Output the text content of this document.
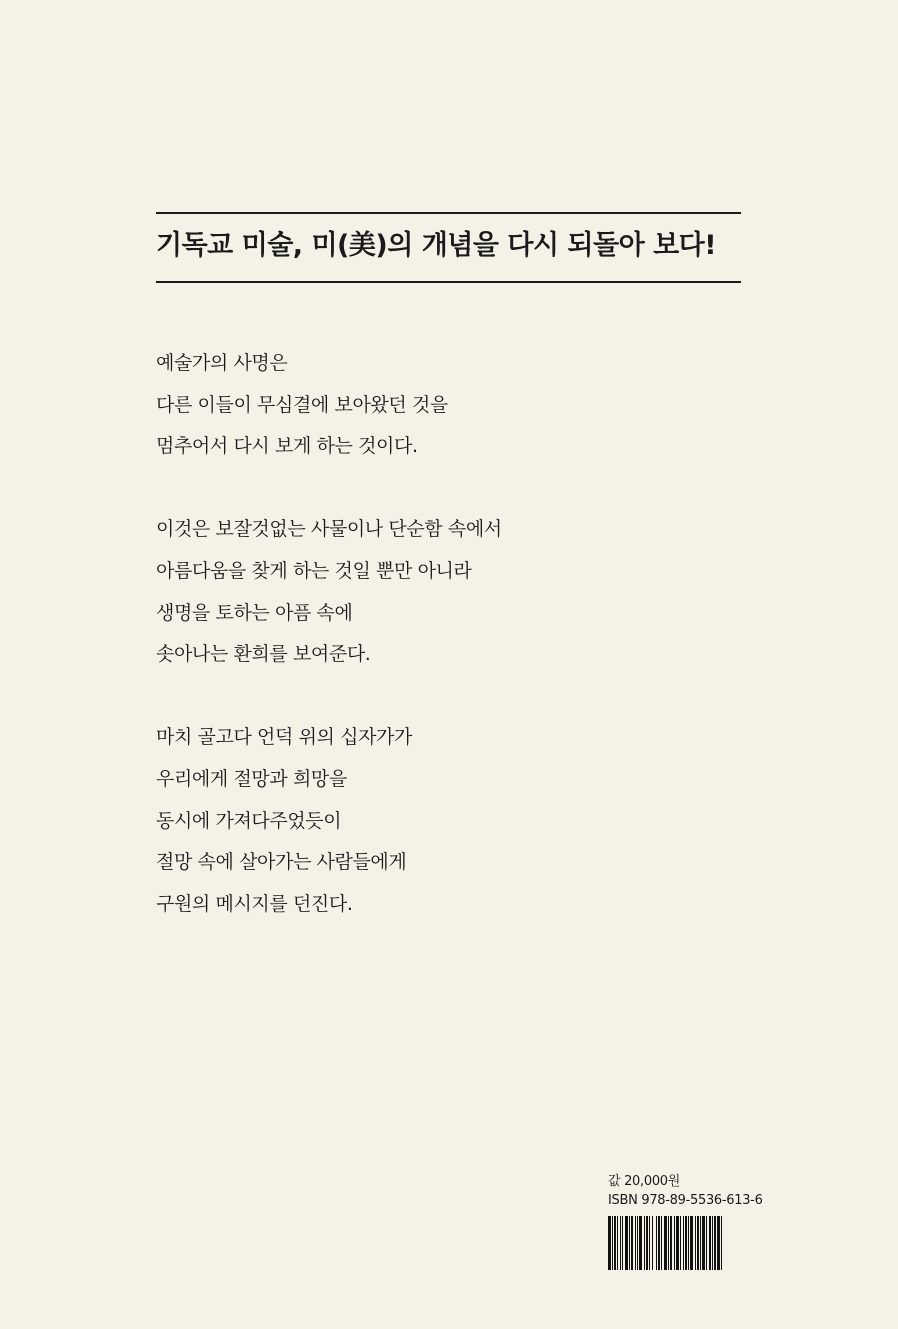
기독교 미술, 미(美)의 개념을 다시 되돌아 보다!
예술가의 사명은
다른 이들이 무심결에 보아왔던 것을
멈추어서 다시 보게 하는 것이다.
이것은 보잘것없는 사물이나 단순함 속에서
아름다움을 찾게 하는 것일 뿐만 아니라
생명을 토하는 아픔 속에
솟아나는 환희를 보여준다.
마치 골고다 언덕 위의 십자가가
우리에게 절망과 희망을
동시에 가져다주었듯이
절망 속에 살아가는 사람들에게
구원의 메시지를 던진다.
값 20,000원
ISBN 978-89-5536-613-6
